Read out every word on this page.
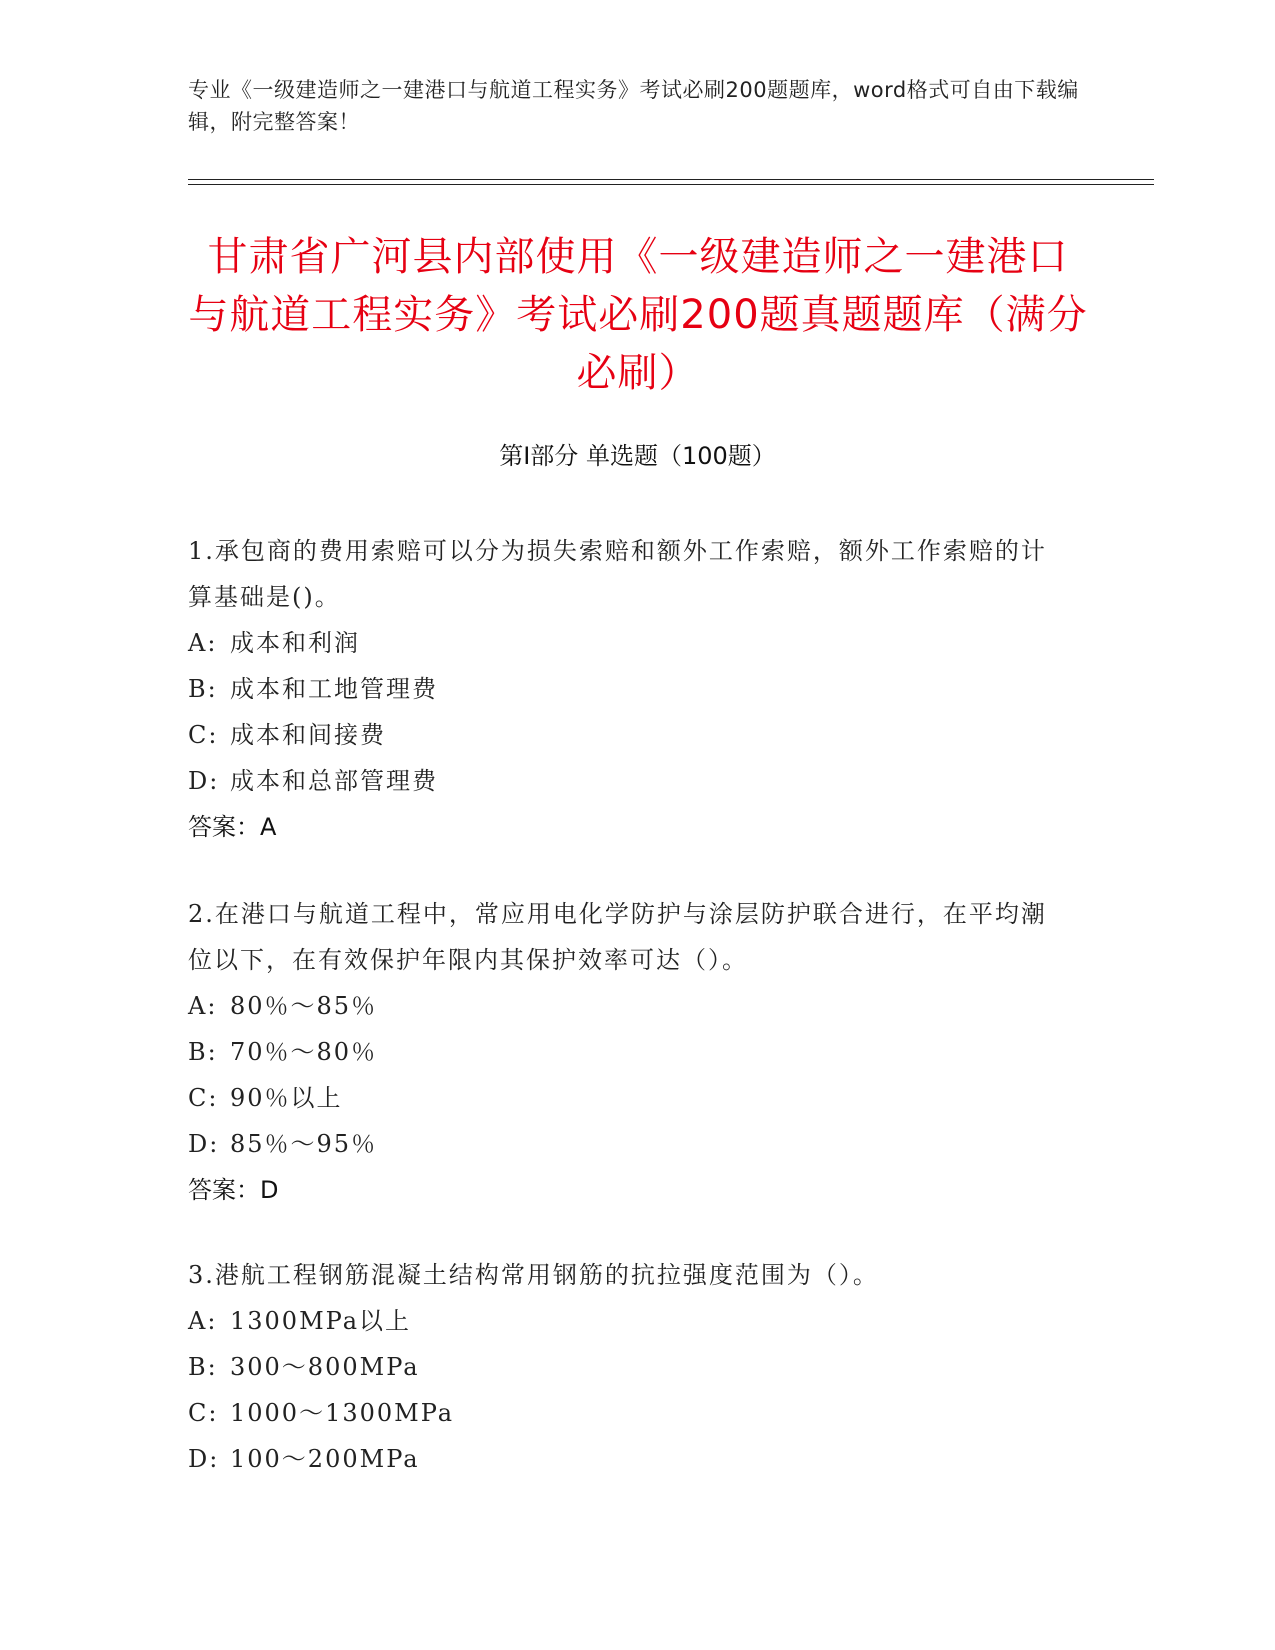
专业《一级建造师之一建港口与航道工程实务》考试必刷200题题库，word格式可自由下载编辑，附完整答案！
甘肃省广河县内部使用《一级建造师之一建港口与航道工程实务》考试必刷200题真题题库（满分必刷）
第I部分 单选题（100题）
1.承包商的费用索赔可以分为损失索赔和额外工作索赔，额外工作索赔的计算基础是()。
A: 成本和利润
B: 成本和工地管理费
C: 成本和间接费
D: 成本和总部管理费
答案：A
2.在港口与航道工程中，常应用电化学防护与涂层防护联合进行，在平均潮位以下，在有效保护年限内其保护效率可达（）。
A: 80％～85％
B: 70％～80％
C: 90％以上
D: 85％～95％
答案：D
3.港航工程钢筋混凝土结构常用钢筋的抗拉强度范围为（）。
A: 1300MPa以上
B: 300～800MPa
C: 1000～1300MPa
D: 100～200MPa
